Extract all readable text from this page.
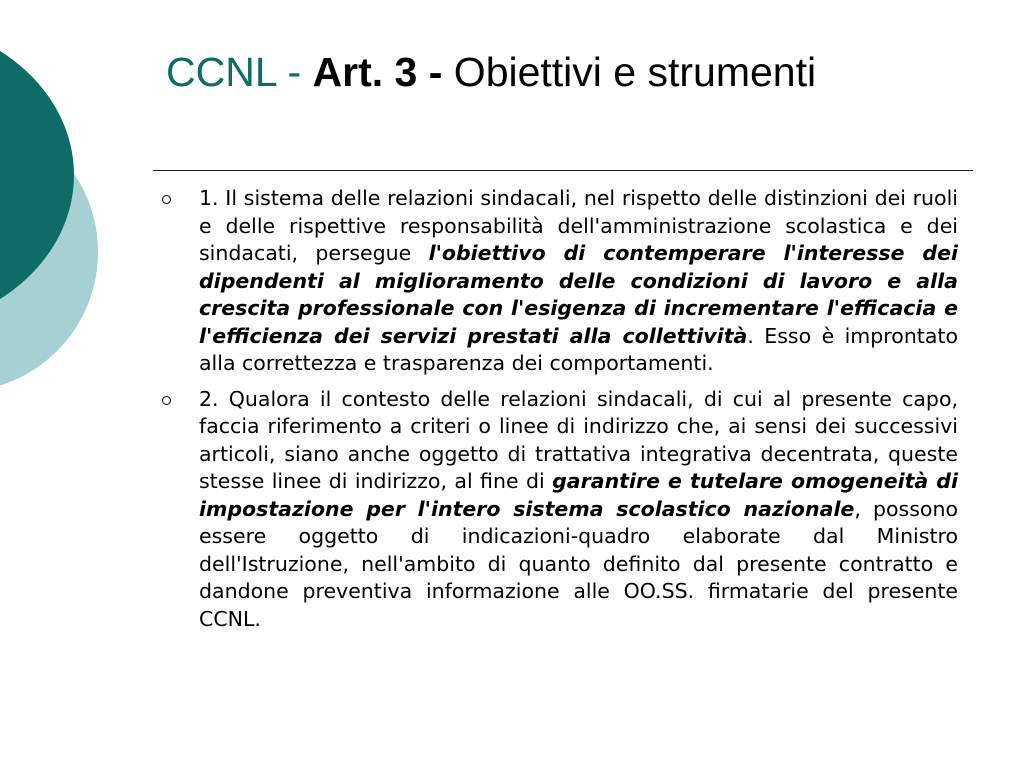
CCNL - Art. 3 - Obiettivi e strumenti
1. Il sistema delle relazioni sindacali, nel rispetto delle distinzioni dei ruoli e delle rispettive responsabilità dell'amministrazione scolastica e dei sindacati, persegue l'obiettivo di contemperare l'interesse dei dipendenti al miglioramento delle condizioni di lavoro e alla crescita professionale con l'esigenza di incrementare l'efficacia e l'efficienza dei servizi prestati alla collettività. Esso è improntato alla correttezza e trasparenza dei comportamenti.
2. Qualora il contesto delle relazioni sindacali, di cui al presente capo, faccia riferimento a criteri o linee di indirizzo che, ai sensi dei successivi articoli, siano anche oggetto di trattativa integrativa decentrata, queste stesse linee di indirizzo, al fine di garantire e tutelare omogeneità di impostazione per l'intero sistema scolastico nazionale, possono essere oggetto di indicazioni-quadro elaborate dal Ministro dell'Istruzione, nell'ambito di quanto definito dal presente contratto e dandone preventiva informazione alle OO.SS. firmatarie del presente CCNL.
